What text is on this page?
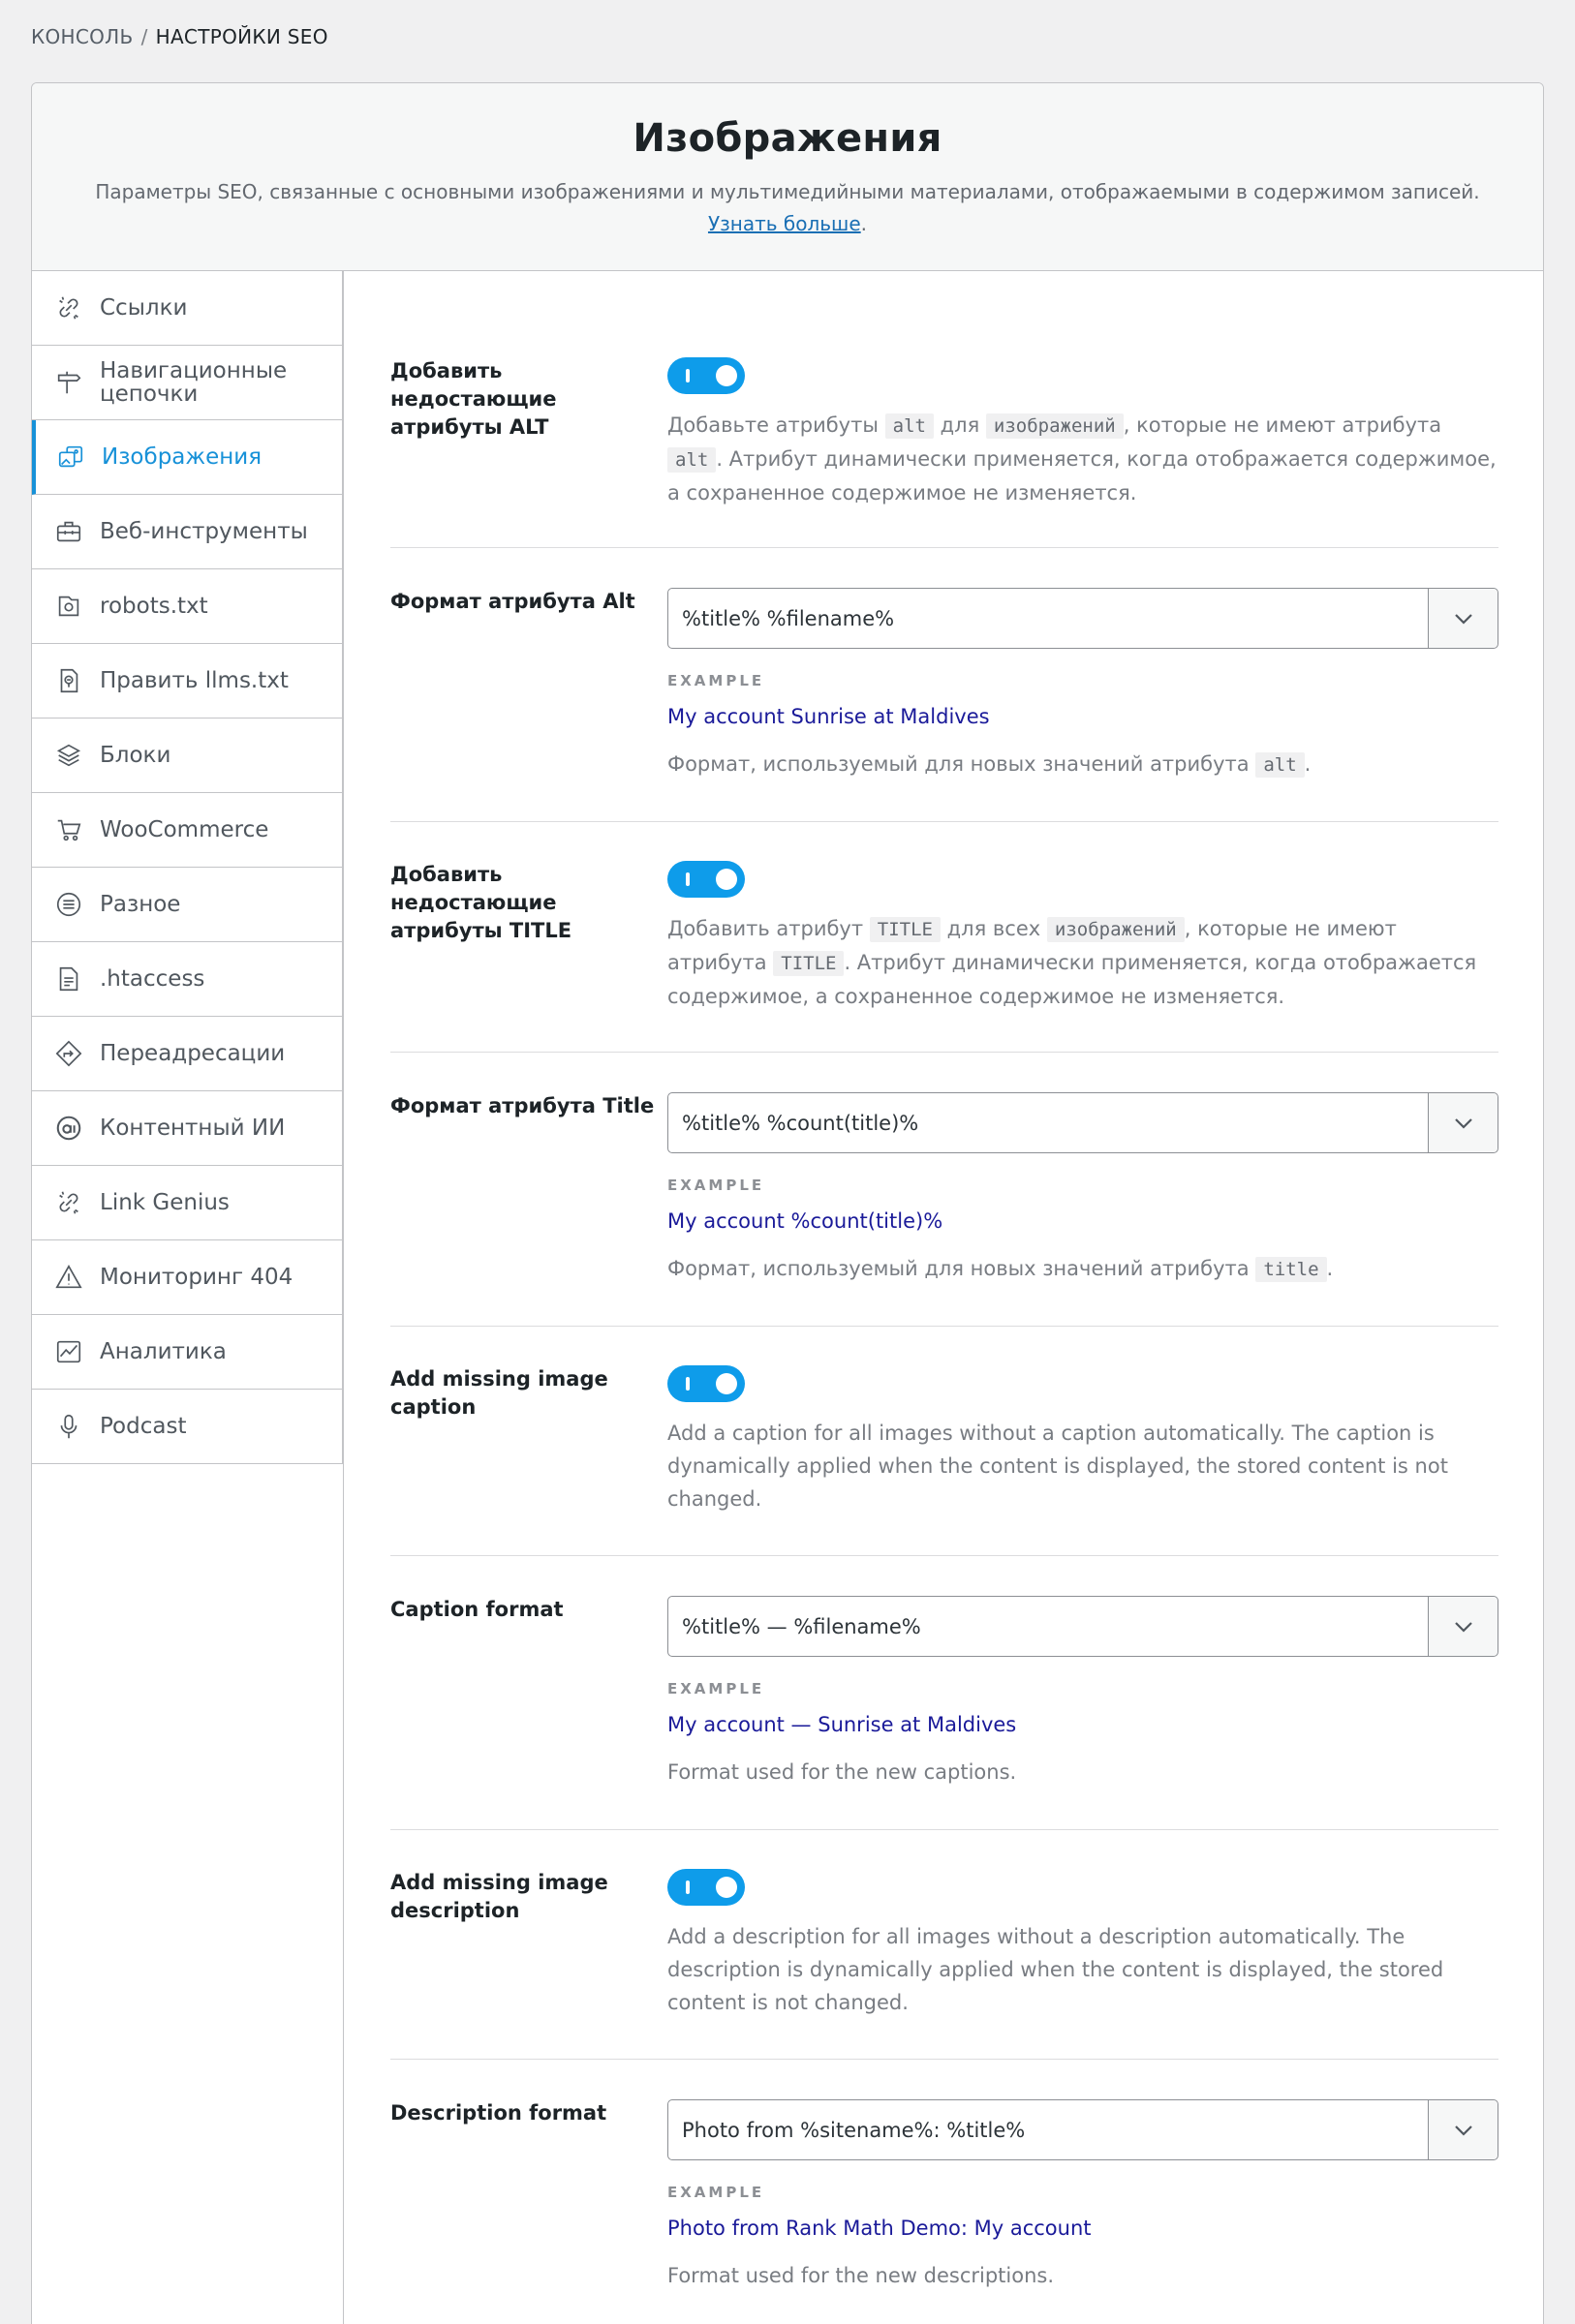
КОНСОЛЬ / НАСТРОЙКИ SEO
Изображения

Параметры SEO, связанные с основными изображениями и мультимедийными материалами, отображаемыми в содержимом записей.
Узнать больше.

Ссылки
Навигационные цепочки
Изображения
Веб-инструменты
robots.txt
Править llms.txt
Блоки
WooCommerce
Разное
.htaccess
Переадресации
Контентный ИИ
Link Genius
Мониторинг 404
Аналитика
Podcast
Добавить недостающие атрибуты ALT	Добавьте атрибуты alt для изображений , которые не имеют атрибута alt . Атрибут динамически применяется, когда отображается содержимое, а сохраненное содержимое не изменяется.
Формат атрибута Alt
%title% %filename%
EXAMPLE
My account Sunrise at Maldives
Формат, используемый для новых значений атрибута alt .
Добавить недостающие атрибуты TITLE	Добавить атрибут TITLE для всех изображений , которые не имеют атрибута TITLE . Атрибут динамически применяется, когда отображается содержимое, а сохраненное содержимое не изменяется.
Формат атрибута Title
%title% %count(title)%
EXAMPLE
My account %count(title)%
Формат, используемый для новых значений атрибута title .
Add missing image caption
Add a caption for all images without a caption automatically. The caption is dynamically applied when the content is displayed, the stored content is not changed.
Caption format
%title% — %filename%
EXAMPLE
My account — Sunrise at Maldives
Format used for the new captions.
Add missing image description
Add a description for all images without a description automatically. The description is dynamically applied when the content is displayed, the stored content is not changed.
Description format
Photo from %sitename%: %title%
EXAMPLE
Photo from Rank Math Demo: My account
Format used for the new descriptions.
